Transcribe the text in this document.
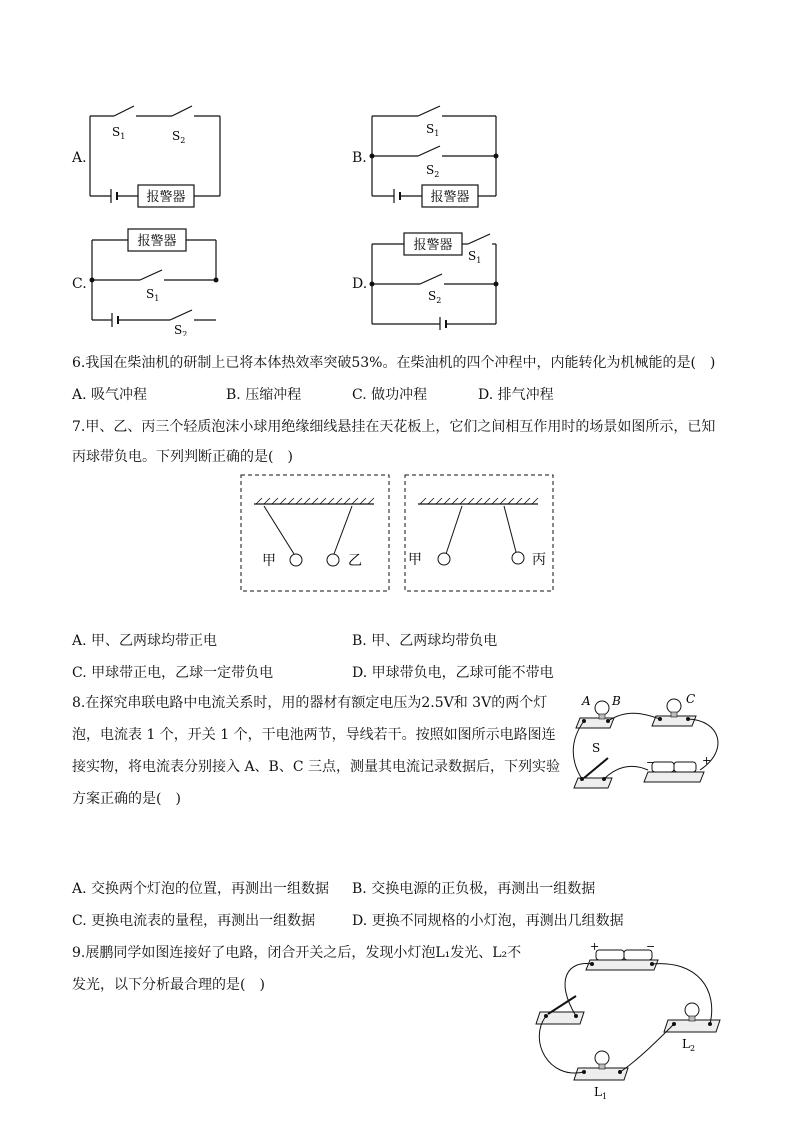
A.
$S_1$	$S_2$
报警器
B.
$S_1$
$S_2$
报警器
C.
报警器
$S_1$
$S_2$
D.
报警器
$S_1$
$S_2$
6.我国在柴油机的研制上已将本体热效率突破53%。在柴油机的四个冲程中，内能转化为机械能的是(　)
A. 吸气冲程	B. 压缩冲程	C. 做功冲程	D. 排气冲程
7.甲、乙、丙三个轻质泡沫小球用绝缘细线悬挂在天花板上，它们之间相互作用时的场景如图所示，已知
丙球带负电。下列判断正确的是(　)
甲	乙	甲	丙
A. 甲、乙两球均带正电	B. 甲、乙两球均带负电
C. 甲球带正电，乙球一定带负电	D. 甲球带负电，乙球可能不带电
8.在探究串联电路中电流关系时，用的器材有额定电压为2.5V和 3V的两个灯
泡，电流表 1 个，开关 1 个，干电池两节，导线若干。按照如图所示电路图连
接实物，将电流表分别接入 A、B、C 三点，测量其电流记录数据后，下列实验
方案正确的是(　)
A B	C
S
−	+
A. 交换两个灯泡的位置，再测出一组数据 B. 交换电源的正负极，再测出一组数据
C. 更换电流表的量程，再测出一组数据	D. 更换不同规格的小灯泡，再测出几组数据
9.展鹏同学如图连接好了电路，闭合开关之后，发现小灯泡L₁发光、L₂不
发光，以下分析最合理的是(　)
+	−
$L_2$
$L_1$
